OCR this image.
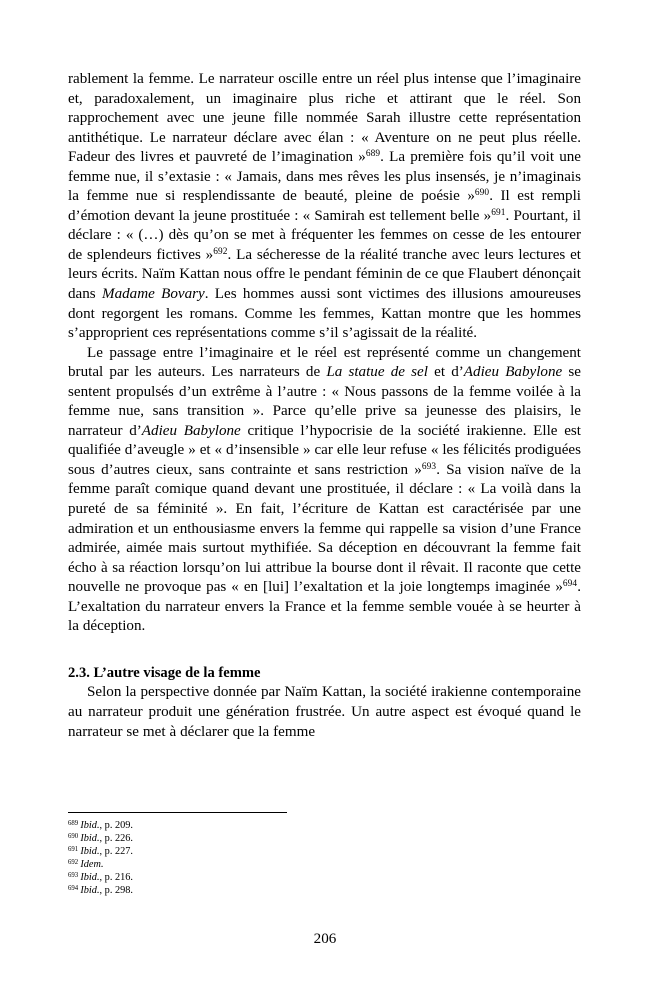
rablement la femme. Le narrateur oscille entre un réel plus intense que l’imaginaire et, paradoxalement, un imaginaire plus riche et attirant que le réel. Son rapprochement avec une jeune fille nommée Sarah illustre cette représentation antithétique. Le narrateur déclare avec élan : « Aventure on ne peut plus réelle. Fadeur des livres et pauvreté de l’imagination »$^{689}$. La première fois qu’il voit une femme nue, il s’extasie : « Jamais, dans mes rêves les plus insensés, je n’imaginais la femme nue si resplendissante de beauté, pleine de poésie »$^{690}$. Il est rempli d’émotion devant la jeune prostituée : « Samirah est tellement belle »$^{691}$. Pourtant, il déclare : « (…) dès qu’on se met à fréquenter les femmes on cesse de les entourer de splendeurs fictives »$^{692}$. La sécheresse de la réalité tranche avec leurs lectures et leurs écrits. Naïm Kattan nous offre le pendant féminin de ce que Flaubert dénonçait dans Madame Bovary. Les hommes aussi sont victimes des illusions amoureuses dont regorgent les romans. Comme les femmes, Kattan montre que les hommes s’approprient ces représentations comme s’il s’agissait de la réalité.

Le passage entre l’imaginaire et le réel est représenté comme un changement brutal par les auteurs. Les narrateurs de La statue de sel et d’Adieu Babylone se sentent propulsés d’un extrême à l’autre : « Nous passons de la femme voilée à la femme nue, sans transition ». Parce qu’elle prive sa jeunesse des plaisirs, le narrateur d’Adieu Babylone critique l’hypocrisie de la société irakienne. Elle est qualifiée d’aveugle » et « d’insensible » car elle leur refuse « les félicités prodiguées sous d’autres cieux, sans contrainte et sans restriction »$^{693}$. Sa vision naïve de la femme paraît comique quand devant une prostituée, il déclare : « La voilà dans la pureté de sa féminité ». En fait, l’écriture de Kattan est caractérisée par une admiration et un enthousiasme envers la femme qui rappelle sa vision d’une France admirée, aimée mais surtout mythifiée. Sa déception en découvrant la femme fait écho à sa réaction lorsqu’on lui attribue la bourse dont il rêvait. Il raconte que cette nouvelle ne provoque pas « en [lui] l’exaltation et la joie longtemps imaginée »$^{694}$. L’exaltation du narrateur envers la France et la femme semble vouée à se heurter à la déception.

2.3. L’autre visage de la femme

Selon la perspective donnée par Naïm Kattan, la société irakienne contemporaine au narrateur produit une génération frustrée. Un autre aspect est évoqué quand le narrateur se met à déclarer que la femme

689 Ibid., p. 209.
690 Ibid., p. 226.
691 Ibid., p. 227.
692 Idem.
693 Ibid., p. 216.
694 Ibid., p. 298.
206
